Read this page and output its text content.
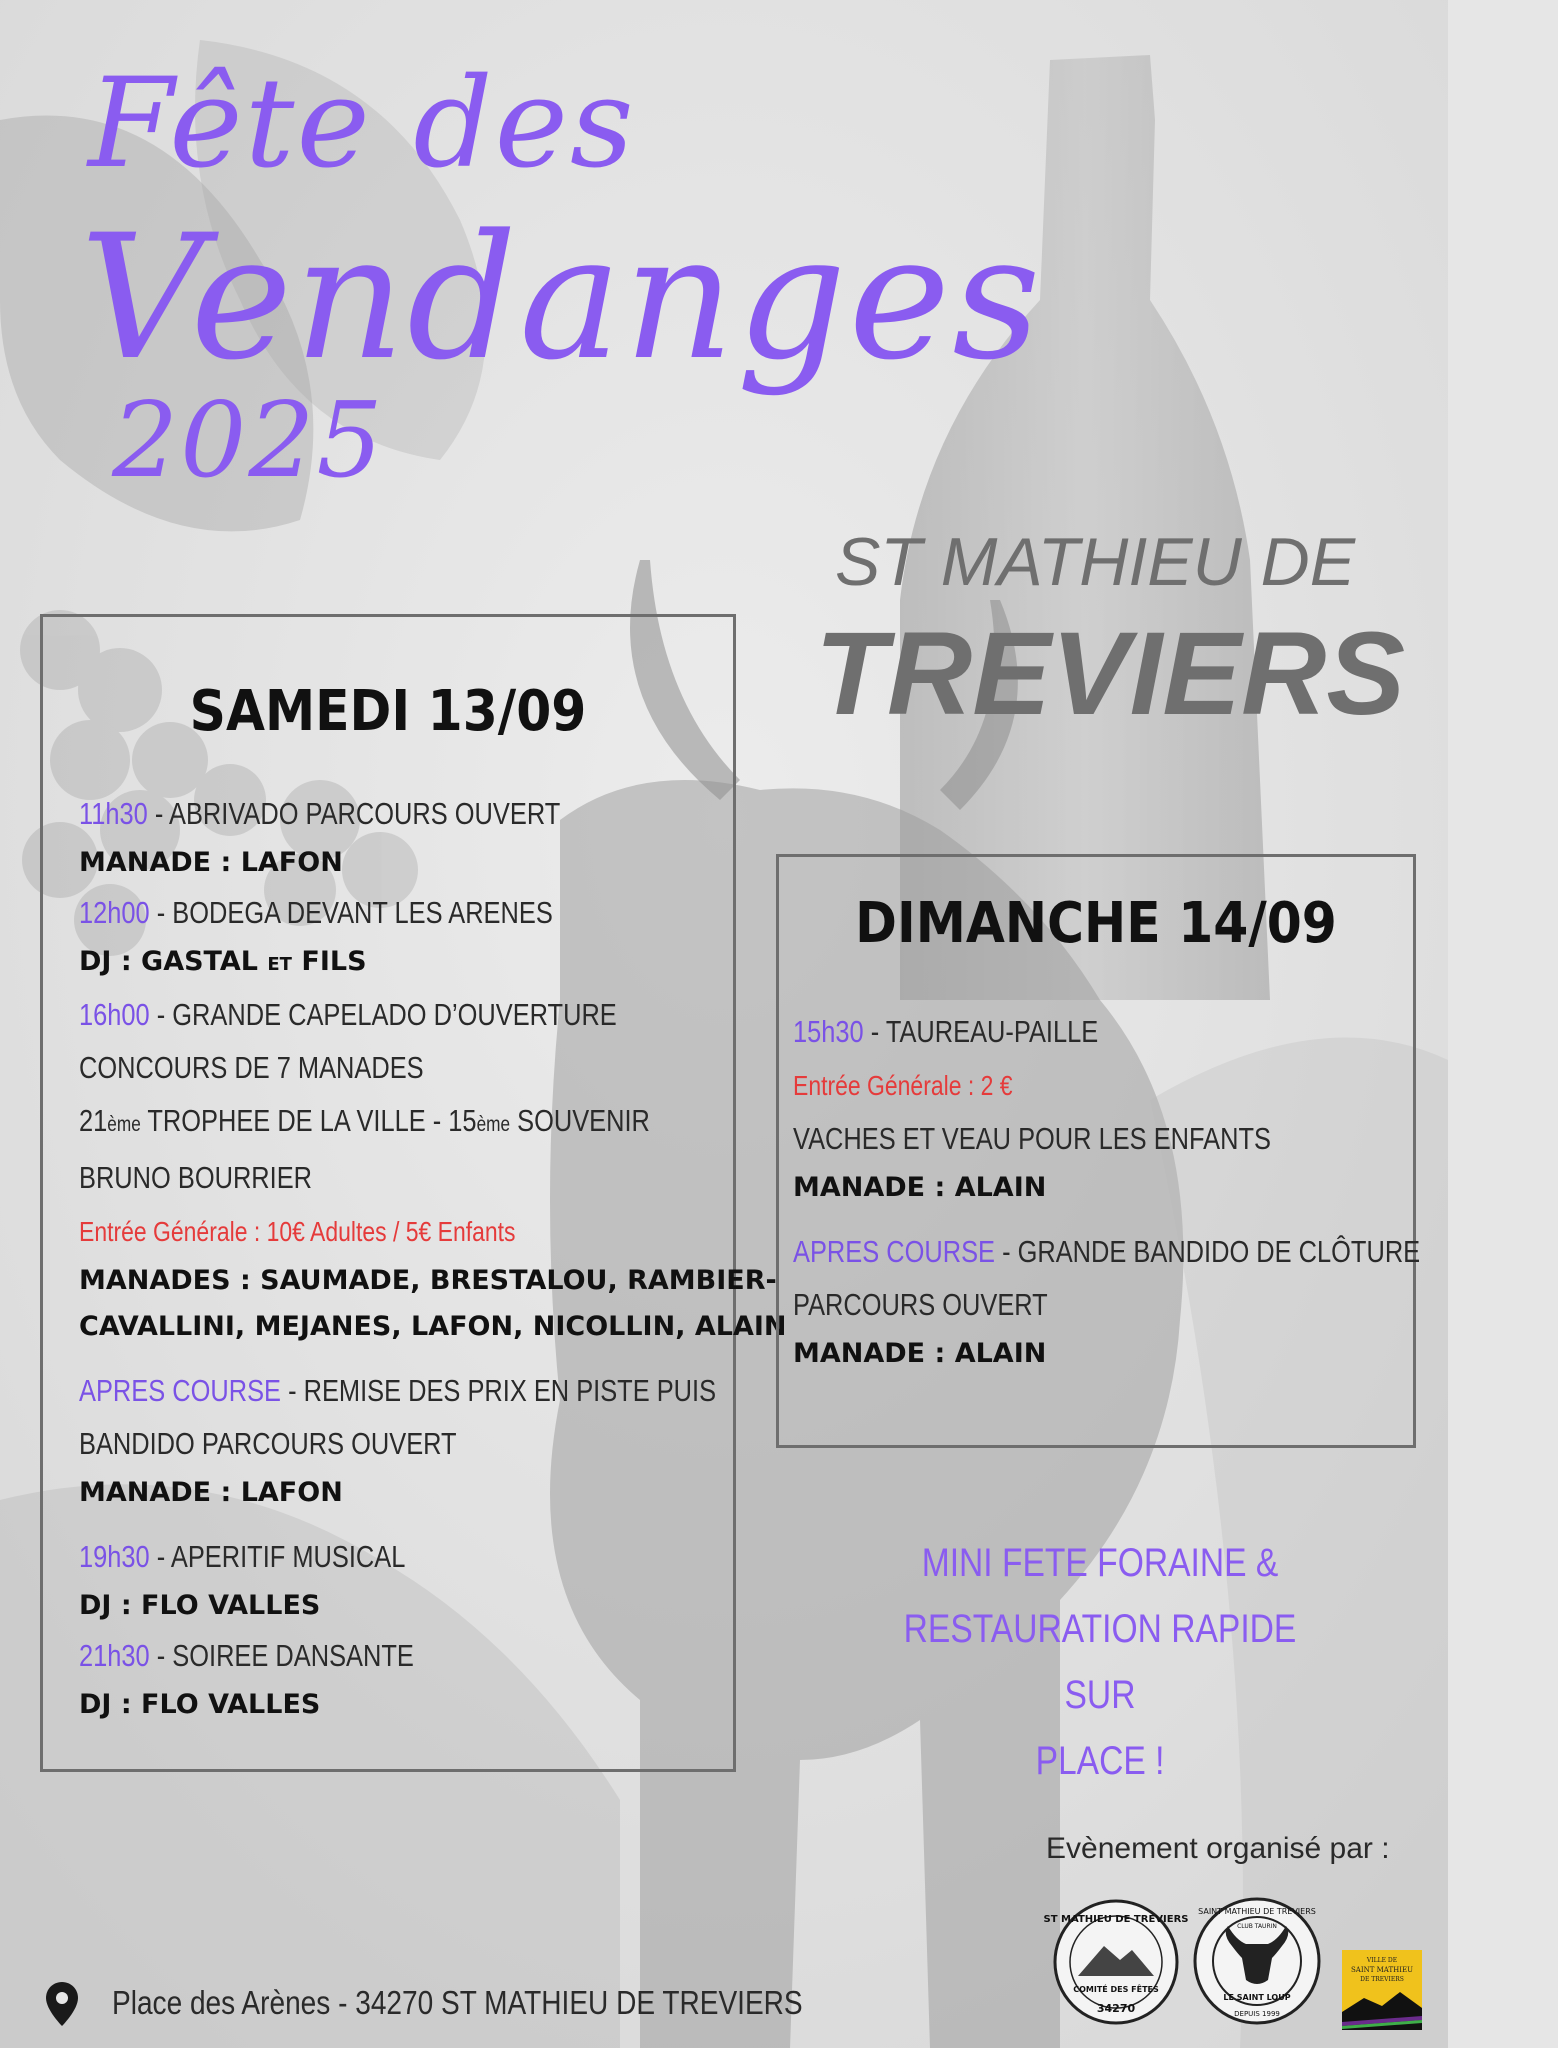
Fête des
Vendanges
2025
ST MATHIEU DE
TREVIERS
SAMEDI 13/09
11h30 - ABRIVADO PARCOURS OUVERT
MANADE : LAFON
12h00 - BODEGA DEVANT LES ARENES
DJ : GASTAL ET FILS
16h00 - GRANDE CAPELADO D’OUVERTURE
CONCOURS DE 7 MANADES
21ème TROPHEE DE LA VILLE - 15ème SOUVENIR
BRUNO BOURRIER
Entrée Générale : 10€ Adultes / 5€ Enfants
MANADES : SAUMADE, BRESTALOU, RAMBIER-
CAVALLINI, MEJANES, LAFON, NICOLLIN, ALAIN
APRES COURSE - REMISE DES PRIX EN PISTE PUIS
BANDIDO PARCOURS OUVERT
MANADE : LAFON
19h30 - APERITIF MUSICAL
DJ : FLO VALLES
21h30 - SOIREE DANSANTE
DJ : FLO VALLES
DIMANCHE 14/09
15h30 - TAUREAU-PAILLE
Entrée Générale : 2 €
VACHES ET VEAU POUR LES ENFANTS
MANADE : ALAIN
APRES COURSE - GRANDE BANDIDO DE CLÔTURE
PARCOURS OUVERT
MANADE : ALAIN
MINI FETE FORAINE &
RESTAURATION RAPIDE SUR
PLACE !
Evènement organisé par :
ST MATHIEU DE TREVIERS
COMITÉ DES FÊTES
34270
SAINT MATHIEU DE TREVIERS
CLUB TAURIN
LE SAINT LOUP
DEPUIS 1999
VILLE DE
SAINT MATHIEU
DE TREVIERS
Place des Arènes - 34270 ST MATHIEU DE TREVIERS
